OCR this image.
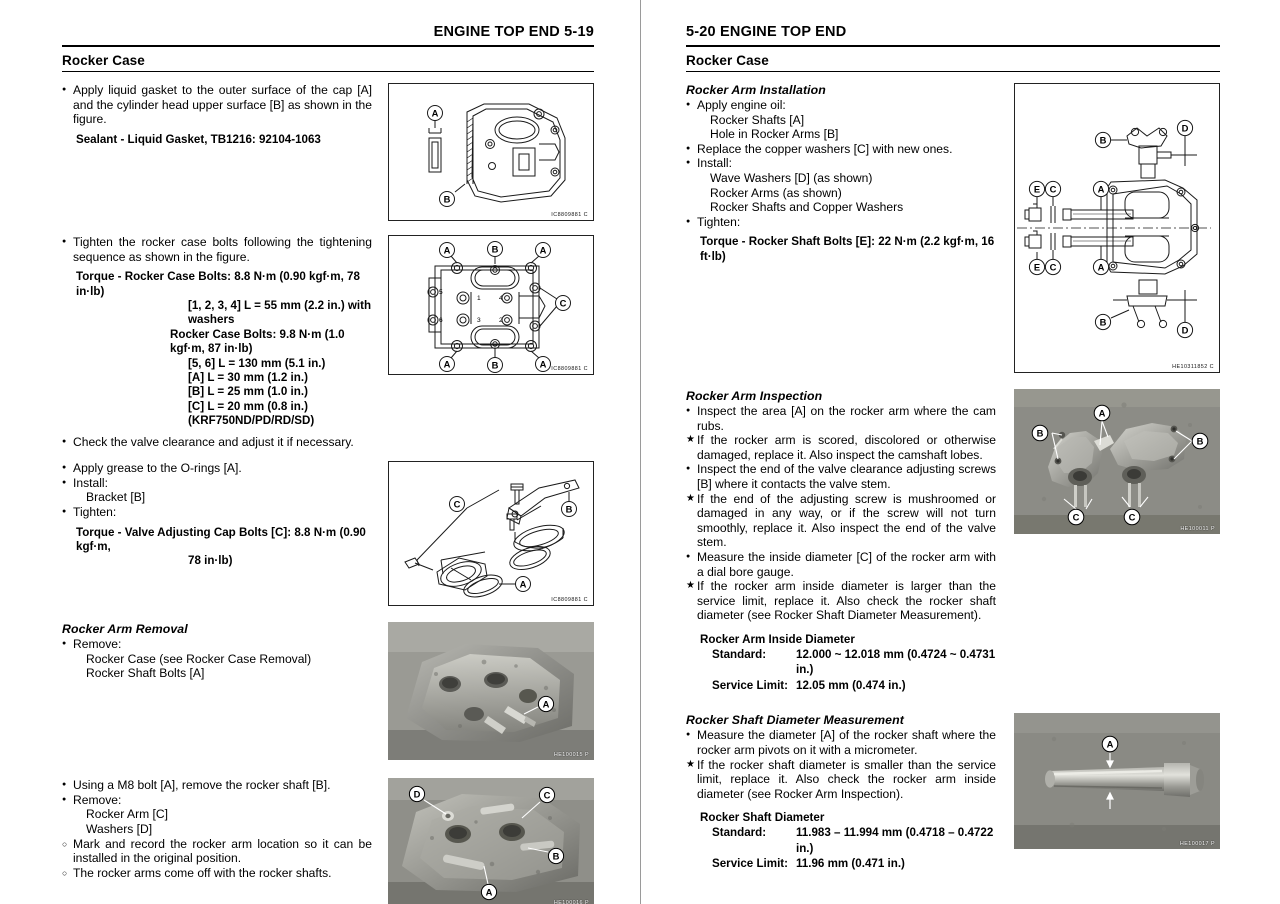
ENGINE TOP END 5-19
Rocker Case
● Apply liquid gasket to the outer surface of the cap [A] and the cylinder head upper surface [B] as shown in the figure.
Sealant - Liquid Gasket, TB1216: 92104-1063
A
B
IC8809881 C
● Tighten the rocker case bolts following the tightening sequence as shown in the figure.
Torque - Rocker Case Bolts: 8.8 N·m (0.90 kgf·m, 78 in·lb)
[1, 2, 3, 4] L = 55 mm (2.2 in.) with washers
Rocker Case Bolts: 9.8 N·m (1.0 kgf·m, 87 in·lb)
[5, 6] L = 130 mm (5.1 in.)
[A] L = 30 mm (1.2 in.)
[B] L = 25 mm (1.0 in.)
[C] L = 20 mm (0.8 in.) (KRF750ND/PD/RD/SD)
● Check the valve clearance and adjust it if necessary.
1
2
3
4
5
6
A	B	A
C
A	B	A IC8809881 C
● Apply grease to the O-rings [A].
● Install:
Bracket [B]
● Tighten:
Torque - Valve Adjusting Cap Bolts [C]: 8.8 N·m (0.90 kgf·m,
78 in·lb)
C	B
A
IC8809881 C
Rocker Arm Removal
● Remove:
Rocker Case (see Rocker Case Removal)
Rocker Shaft Bolts [A]
A
HE100015 P
● Using a M8 bolt [A], remove the rocker shaft [B].
● Remove:
Rocker Arm [C]
Washers [D]
○ Mark and record the rocker arm location so it can be installed in the original position.
○ The rocker arms come off with the rocker shafts.
D	C
B
A
HE100016 P
5-20 ENGINE TOP END
Rocker Case
Rocker Arm Installation
● Apply engine oil:
Rocker Shafts [A]
Hole in Rocker Arms [B]
● Replace the copper washers [C] with new ones.
● Install:
Wave Washers [D] (as shown)
Rocker Arms (as shown)
Rocker Shafts and Copper Washers
● Tighten:
Torque - Rocker Shaft Bolts [E]: 22 N·m (2.2 kgf·m, 16 ft·lb)
B
D
E C	A
E C	A
B
D
HE10311852 C
Rocker Arm Inspection
● Inspect the area [A] on the rocker arm where the cam rubs.
★ If the rocker arm is scored, discolored or otherwise damaged, replace it. Also inspect the camshaft lobes.
● Inspect the end of the valve clearance adjusting screws [B] where it contacts the valve stem.
★ If the end of the adjusting screw is mushroomed or damaged in any way, or if the screw will not turn smoothly, replace it. Also inspect the end of the valve stem.
● Measure the inside diameter [C] of the rocker arm with a dial bore gauge.
★ If the rocker arm inside diameter is larger than the service limit, replace it. Also check the rocker shaft diameter (see Rocker Shaft Diameter Measurement).
Rocker Arm Inside Diameter
Standard:	12.000 ~ 12.018 mm (0.4724 ~ 0.4731 in.)
Service Limit: 12.05 mm (0.474 in.)
A
B
B
C	C
HE100011 P
Rocker Shaft Diameter Measurement
● Measure the diameter [A] of the rocker shaft where the rocker arm pivots on it with a micrometer.
★ If the rocker shaft diameter is smaller than the service limit, replace it. Also check the rocker arm inside diameter (see Rocker Arm Inspection).
Rocker Shaft Diameter
Standard:	11.983 – 11.994 mm (0.4718 – 0.4722 in.)
Service Limit: 11.96 mm (0.471 in.)
A
HE100017 P
